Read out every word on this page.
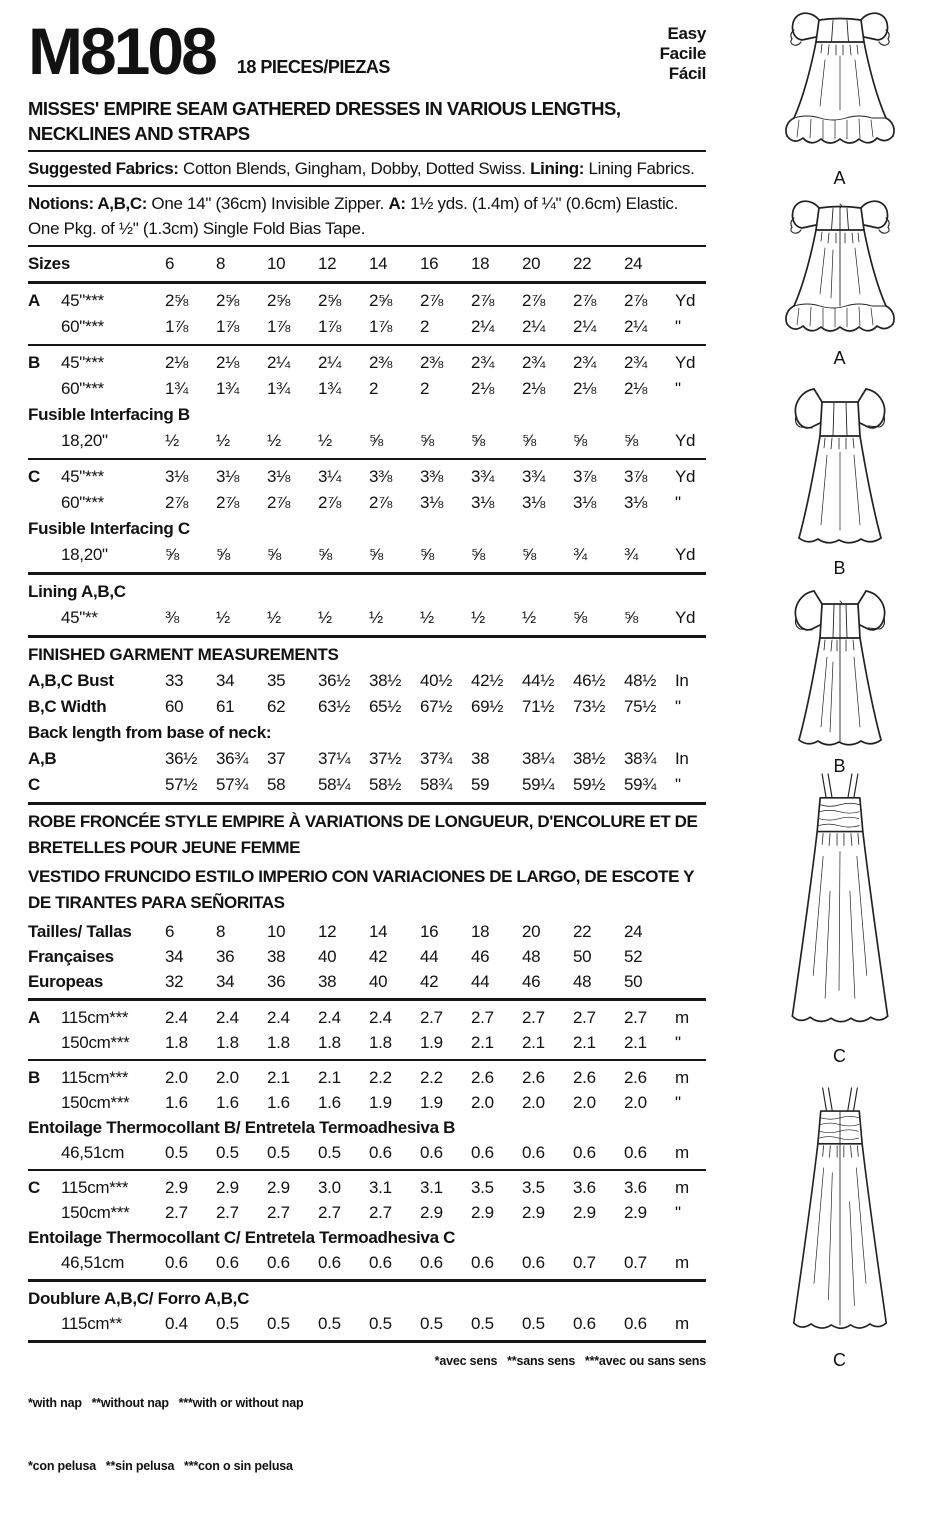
M8108 18 PIECES/PIEZAS
Easy
Facile
Fácil
MISSES' EMPIRE SEAM GATHERED DRESSES IN VARIOUS LENGTHS, NECKLINES AND STRAPS

Suggested Fabrics: Cotton Blends, Gingham, Dobby, Dotted Swiss. Lining: Lining Fabrics.

Notions: A,B,C: One 14" (36cm) Invisible Zipper. A: 1½ yds. (1.4m) of ¼" (0.6cm) Elastic. One Pkg. of ½" (1.3cm) Single Fold Bias Tape.

Sizes	6	8	10	12	14	16	18	20	22	24
A	45"***	2⅝	2⅝	2⅝	2⅝	2⅝	2⅞	2⅞	2⅞	2⅞	2⅞	Yd
60"***	1⅞	1⅞	1⅞	1⅞	1⅞	2	2¼	2¼	2¼	2¼	"
B	45"***	2⅛	2⅛	2¼	2¼	2⅜	2⅜	2¾	2¾	2¾	2¾	Yd
60"***	1¾	1¾	1¾	1¾	2	2	2⅛	2⅛	2⅛	2⅛	"
Fusible Interfacing B
18,20"	½	½	½	½	⅝	⅝	⅝	⅝	⅝	⅝	Yd
C	45"***	3⅛	3⅛	3⅛	3¼	3⅜	3⅜	3¾	3¾	3⅞	3⅞	Yd
60"***	2⅞	2⅞	2⅞	2⅞	2⅞	3⅛	3⅛	3⅛	3⅛	3⅛	"
Fusible Interfacing C
18,20"	⅝	⅝	⅝	⅝	⅝	⅝	⅝	⅝	¾	¾	Yd
Lining A,B,C
45"**	⅜	½	½	½	½	½	½	½	⅝	⅝	Yd
FINISHED GARMENT MEASUREMENTS
A,B,C Bust	33	34	35	36½	38½	40½	42½	44½	46½	48½	In
B,C Width	60	61	62	63½	65½	67½	69½	71½	73½	75½	"
Back length from base of neck:
A,B	36½	36¾	37	37¼	37½	37¾	38	38¼	38½	38¾	In
C	57½	57¾	58	58¼	58½	58¾	59	59¼	59½	59¾	"
ROBE FRONCÉE STYLE EMPIRE À VARIATIONS DE LONGUEUR, D'ENCOLURE ET DE BRETELLES POUR JEUNE FEMME
VESTIDO FRUNCIDO ESTILO IMPERIO CON VARIACIONES DE LARGO, DE ESCOTE Y DE TIRANTES PARA SEÑORITAS
Tailles/ Tallas 6	8	10	12	14	16	18	20	22	24
Françaises	34	36	38	40	42	44	46	48	50	52
Europeas	32	34	36	38	40	42	44	46	48	50
A	115cm*** 2.4	2.4	2.4	2.4	2.4	2.7	2.7	2.7	2.7	2.7	m
150cm*** 1.8	1.8	1.8	1.8	1.8	1.9	2.1	2.1	2.1	2.1	"
B	115cm*** 2.0	2.0	2.1	2.1	2.2	2.2	2.6	2.6	2.6	2.6	m
150cm*** 1.6	1.6	1.6	1.6	1.9	1.9	2.0	2.0	2.0	2.0	"
Entoilage Thermocollant B/ Entretela Termoadhesiva B
46,51cm 0.5	0.5	0.5	0.5	0.6	0.6	0.6	0.6	0.6	0.6	m
C	115cm*** 2.9	2.9	2.9	3.0	3.1	3.1	3.5	3.5	3.6	3.6	m
150cm*** 2.7	2.7	2.7	2.7	2.7	2.9	2.9	2.9	2.9	2.9	"
Entoilage Thermocollant C/ Entretela Termoadhesiva C
46,51cm 0.6	0.6	0.6	0.6	0.6	0.6	0.6	0.6	0.7	0.7	m
Doublure A,B,C/ Forro A,B,C
115cm**	0.4	0.5	0.5	0.5	0.5	0.5	0.5	0.5	0.6	0.6	m

*with nap   **without nap   ***with or without nap

*con pelusa   **sin pelusa   ***con o sin pelusa

*avec sens   **sans sens   ***avec ou sans sens
A
A
B
B
C
C
